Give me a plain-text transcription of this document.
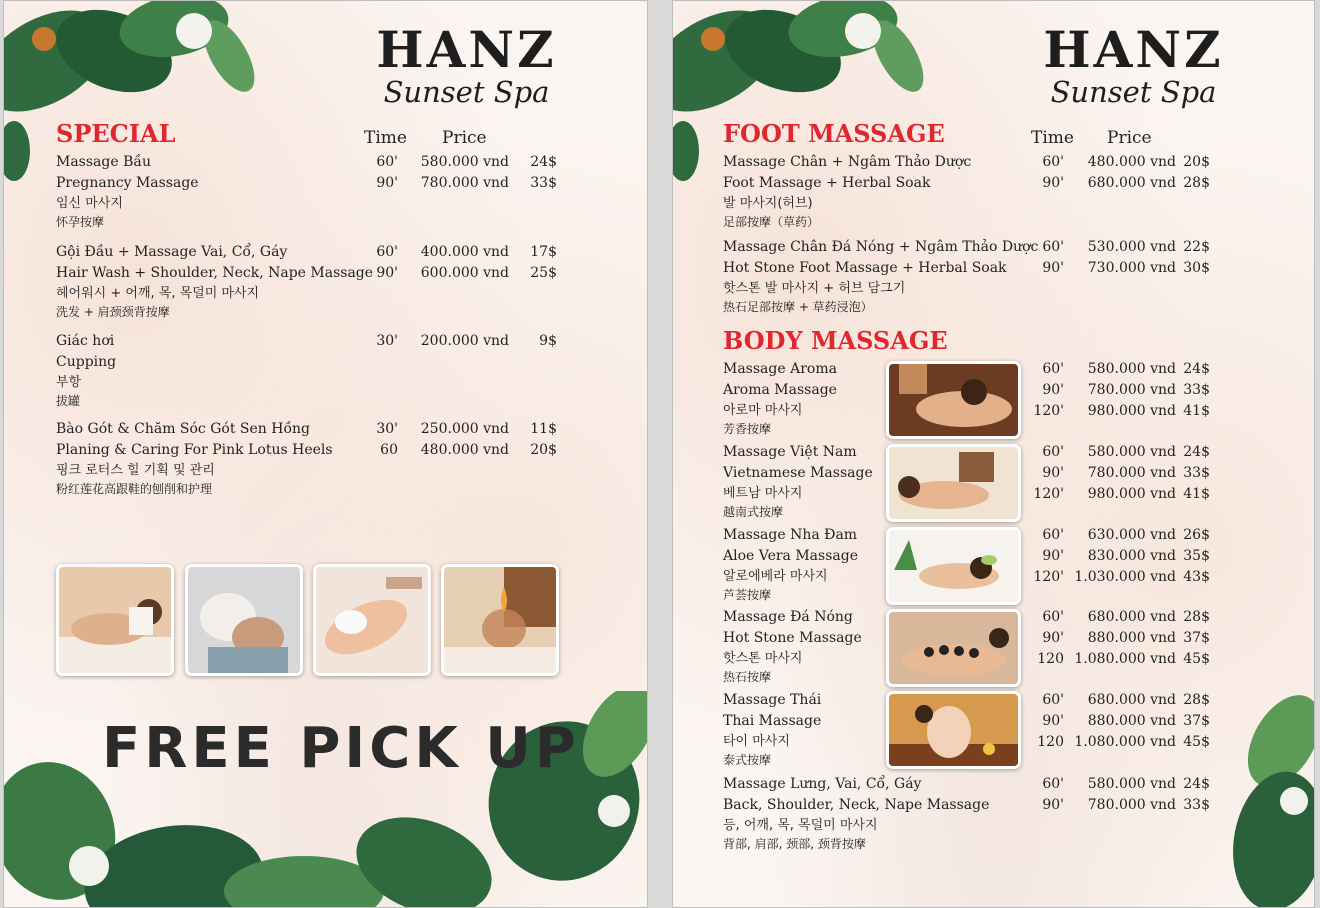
HANZ
Sunset Spa
SPECIAL	Time Price
Massage Bầu
Pregnancy Massage
임신 마사지
怀孕按摩
60' 580.000 vnd 24$
90' 780.000 vnd 33$
Gội Đầu + Massage Vai, Cổ, Gáy
Hair Wash + Shoulder, Neck, Nape Massage
헤어워시 + 어깨, 목, 목덜미 마사지
洗发 + 肩颈颈背按摩
60' 400.000 vnd 17$
90' 600.000 vnd 25$
Giác hơi
Cupping
부항
拔罐
30' 200.000 vnd 9$
Bào Gót & Chăm Sóc Gót Sen Hồng
Planing & Caring For Pink Lotus Heels
핑크 로터스 힐 기획 및 관리
粉红莲花高跟鞋的刨削和护理
30' 250.000 vnd 11$
60 480.000 vnd 20$
FREE PICK UP
HANZ
Sunset Spa
FOOT MASSAGE	Time Price
BODY MASSAGE
Massage Chân + Ngâm Thảo Dược
Foot Massage + Herbal Soak
발 마사지(허브)
足部按摩（草药）
60' 480.000 vnd 20$
90' 680.000 vnd 28$
Massage Chân Đá Nóng + Ngâm Thảo Dược
Hot Stone Foot Massage + Herbal Soak
핫스톤 발 마사지 + 허브 담그기
热石足部按摩 + 草药浸泡）
60' 530.000 vnd 22$
90' 730.000 vnd 30$
Massage Aroma
Aroma Massage
아로마 마사지
芳香按摩
60' 580.000 vnd 24$
90' 780.000 vnd 33$
120' 980.000 vnd 41$
Massage Việt Nam
Vietnamese Massage
베트남 마사지
越南式按摩
60' 580.000 vnd 24$
90' 780.000 vnd 33$
120' 980.000 vnd 41$
Massage Nha Đam
Aloe Vera Massage
알로에베라 마사지
芦荟按摩
60' 630.000 vnd 26$
90' 830.000 vnd 35$
120' 1.030.000 vnd 43$
Massage Đá Nóng
Hot Stone Massage
핫스톤 마사지
热石按摩
60' 680.000 vnd 28$
90' 880.000 vnd 37$
120 1.080.000 vnd 45$
Massage Thái
Thai Massage
타이 마사지
泰式按摩
60' 680.000 vnd 28$
90' 880.000 vnd 37$
120 1.080.000 vnd 45$
Massage Lưng, Vai, Cổ, Gáy
Back, Shoulder, Neck, Nape Massage
등, 어깨, 목, 목덜미 마사지
背部, 肩部, 颈部, 颈背按摩
60' 580.000 vnd 24$
90' 780.000 vnd 33$
